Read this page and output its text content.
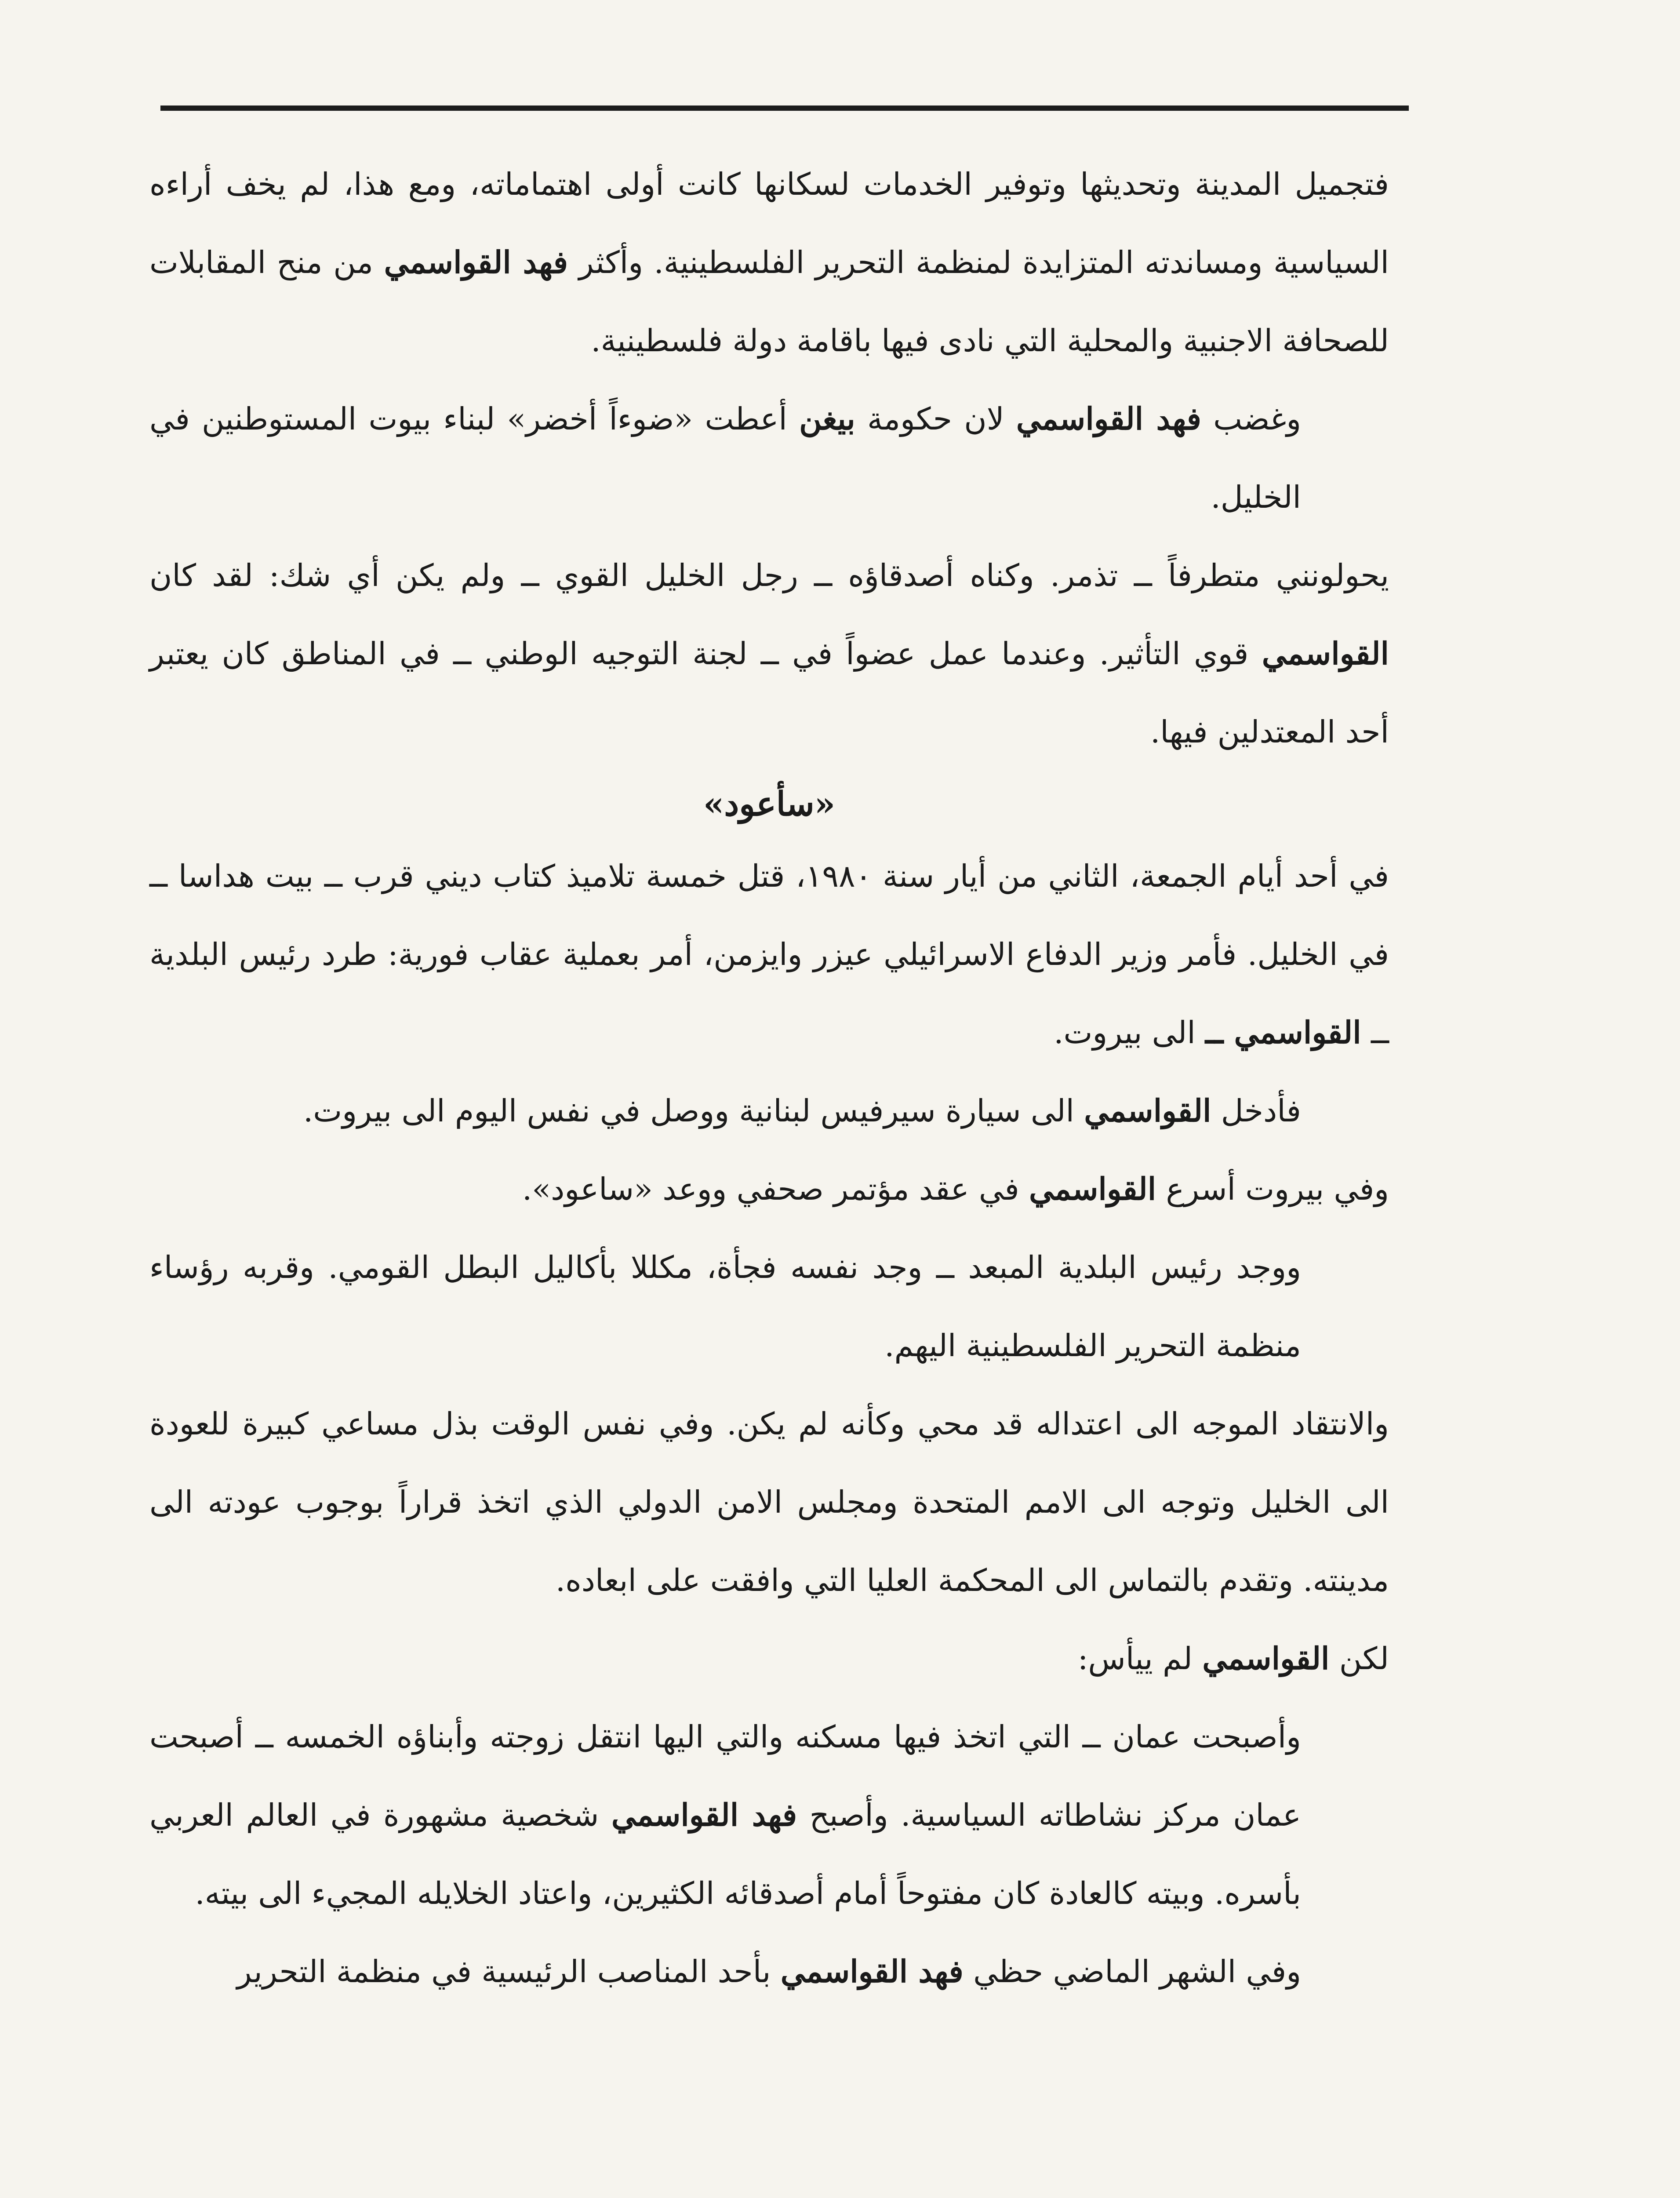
فتجميل المدينة وتحديثها وتوفير الخدمات لسكانها كانت أولى اهتماماته، ومع هذا، لم يخف أراءه السياسية ومساندته المتزايدة لمنظمة التحرير الفلسطينية. وأكثر فهد القواسمي من منح المقابلات للصحافة الاجنبية والمحلية التي نادى فيها باقامة دولة فلسطينية.

وغضب فهد القواسمي لان حكومة بيغن أعطت «ضوءاً أخضر» لبناء بيوت المستوطنين في الخليل.

يحولونني متطرفاً ــ تذمر. وكناه أصدقاؤه ــ رجل الخليل القوي ــ ولم يكن أي شك: لقد كان القواسمي قوي التأثير. وعندما عمل عضواً في ــ لجنة التوجيه الوطني ــ في المناطق كان يعتبر أحد المعتدلين فيها.

«سأعود»

في أحد أيام الجمعة، الثاني من أيار سنة ١٩٨٠، قتل خمسة تلاميذ كتاب ديني قرب ــ بيت هداسا ــ في الخليل. فأمر وزير الدفاع الاسرائيلي عيزر وايزمن، أمر بعملية عقاب فورية: طرد رئيس البلدية ــ القواسمي ــ الى بيروت.

فأدخل القواسمي الى سيارة سيرفيس لبنانية ووصل في نفس اليوم الى بيروت.

وفي بيروت أسرع القواسمي في عقد مؤتمر صحفي ووعد «ساعود».

ووجد رئيس البلدية المبعد ــ وجد نفسه فجأة، مكللا بأكاليل البطل القومي. وقربه رؤساء منظمة التحرير الفلسطينية اليهم.

والانتقاد الموجه الى اعتداله قد محي وكأنه لم يكن. وفي نفس الوقت بذل مساعي كبيرة للعودة الى الخليل وتوجه الى الامم المتحدة ومجلس الامن الدولي الذي اتخذ قراراً بوجوب عودته الى مدينته. وتقدم بالتماس الى المحكمة العليا التي وافقت على ابعاده.

لكن القواسمي لم ييأس:

وأصبحت عمان ــ التي اتخذ فيها مسكنه والتي اليها انتقل زوجته وأبناؤه الخمسه ــ أصبحت عمان مركز نشاطاته السياسية. وأصبح فهد القواسمي شخصية مشهورة في العالم العربي بأسره. وبيته كالعادة كان مفتوحاً أمام أصدقائه الكثيرين، واعتاد الخلايله المجيء الى بيته.

وفي الشهر الماضي حظي فهد القواسمي بأحد المناصب الرئيسية في منظمة التحرير
